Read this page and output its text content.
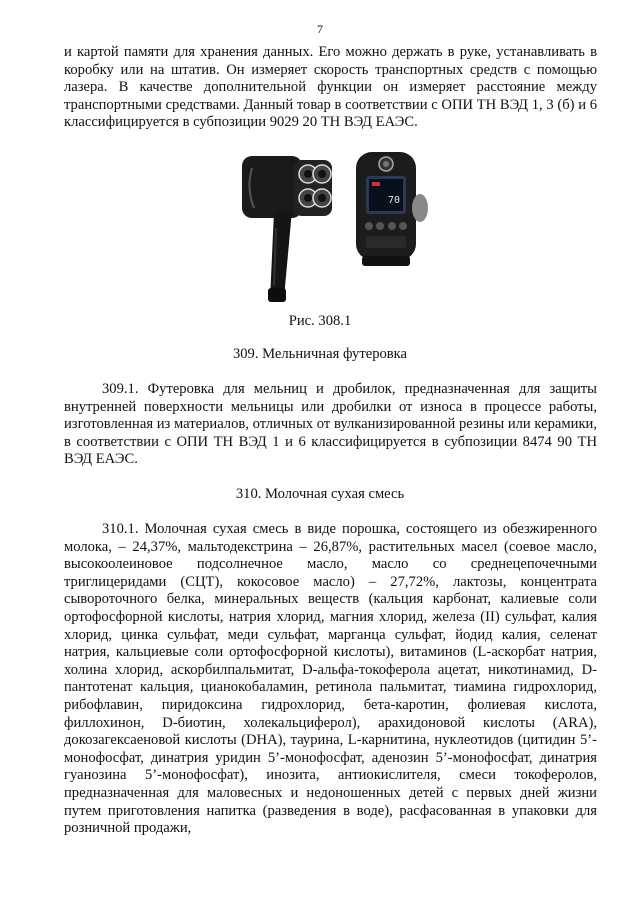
7

и картой памяти для хранения данных. Его можно держать в руке, устанавливать в коробку или на штатив. Он измеряет скорость транспортных средств с помощью лазера. В качестве дополнительной функции он измеряет расстояние между транспортными средствами. Данный товар в соответствии с ОПИ ТН ВЭД 1, 3 (б) и 6 классифицируется в субпозиции 9029 20 ТН ВЭД ЕАЭС.

70
Рис. 308.1
309. Мельничная футеровка

309.1. Футеровка для мельниц и дробилок, предназначенная для защиты внутренней поверхности мельницы или дробилки от износа в процессе работы, изготовленная из материалов, отличных от вулканизированной резины или керамики, в соответствии с ОПИ ТН ВЭД 1 и 6 классифицируется в субпозиции 8474 90 ТН ВЭД ЕАЭС.

310. Молочная сухая смесь

310.1. Молочная сухая смесь в виде порошка, состоящего из обезжиренного молока, – 24,37%, мальтодекстрина – 26,87%, растительных масел (соевое масло, высокоолеиновое подсолнечное масло, масло со среднецепочечными триглицеридами (СЦТ), кокосовое масло) – 27,72%, лактозы, концентрата сывороточного белка, минеральных веществ (кальция карбонат, калиевые соли ортофосфорной кислоты, натрия хлорид, магния хлорид, железа (II) сульфат, калия хлорид, цинка сульфат, меди сульфат, марганца сульфат, йодид калия, селенат натрия, кальциевые соли ортофосфорной кислоты), витаминов (L-аскорбат натрия, холина хлорид, аскорбилпальмитат, D-альфа-токоферола ацетат, никотинамид, D-пантотенат кальция, цианокобаламин, ретинола пальмитат, тиамина гидрохлорид, рибофлавин, пиридоксина гидрохлорид, бета-каротин, фолиевая кислота, филлохинон, D-биотин, холекальциферол), арахидоновой кислоты (ARA), докозагексаеновой кислоты (DHA), таурина, L-карнитина, нуклеотидов (цитидин 5’-монофосфат, динатрия уридин 5’-монофосфат, аденозин 5’-монофосфат, динатрия гуанозина 5’-монофосфат), инозита, антиокислителя, смеси токоферолов, предназначенная для маловесных и недоношенных детей с первых дней жизни путем приготовления напитка (разведения в воде), расфасованная в упаковки для розничной продажи,
